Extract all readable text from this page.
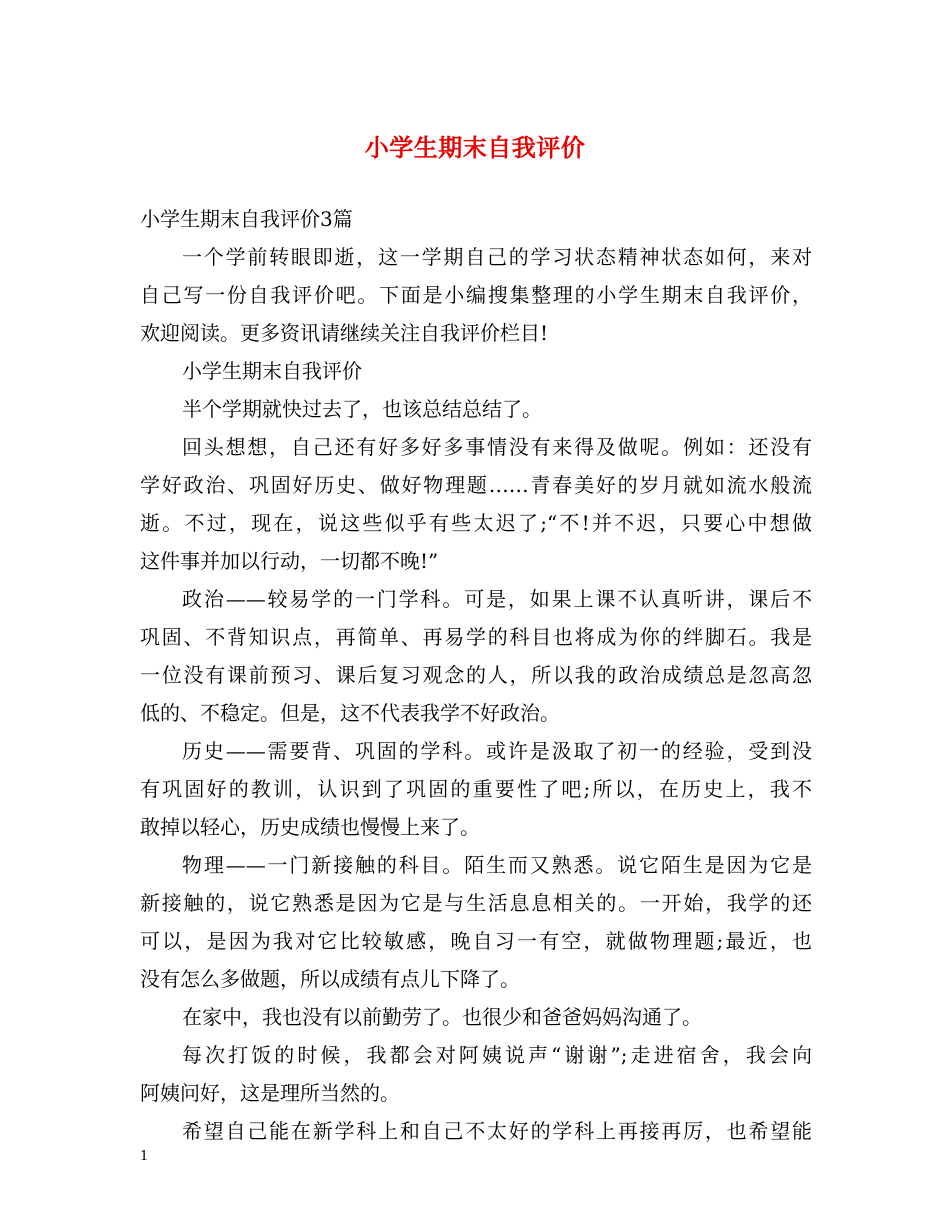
小学生期末自我评价
小学生期末自我评价3篇
一个学前转眼即逝，这一学期自己的学习状态精神状态如何，来对
自己写一份自我评价吧。下面是小编搜集整理的小学生期末自我评价，
欢迎阅读。更多资讯请继续关注自我评价栏目!
小学生期末自我评价
半个学期就快过去了，也该总结总结了。
回头想想，自己还有好多好多事情没有来得及做呢。例如：还没有
学好政治、巩固好历史、做好物理题……青春美好的岁月就如流水般流
逝。不过，现在，说这些似乎有些太迟了;“不!并不迟，只要心中想做
这件事并加以行动，一切都不晚!”
政治——较易学的一门学科。可是，如果上课不认真听讲，课后不
巩固、不背知识点，再简单、再易学的科目也将成为你的绊脚石。我是
一位没有课前预习、课后复习观念的人，所以我的政治成绩总是忽高忽
低的、不稳定。但是，这不代表我学不好政治。
历史——需要背、巩固的学科。或许是汲取了初一的经验，受到没
有巩固好的教训，认识到了巩固的重要性了吧;所以，在历史上，我不
敢掉以轻心，历史成绩也慢慢上来了。
物理——一门新接触的科目。陌生而又熟悉。说它陌生是因为它是
新接触的，说它熟悉是因为它是与生活息息相关的。一开始，我学的还
可以，是因为我对它比较敏感，晚自习一有空，就做物理题;最近，也
没有怎么多做题，所以成绩有点儿下降了。
在家中，我也没有以前勤劳了。也很少和爸爸妈妈沟通了。
每次打饭的时候，我都会对阿姨说声“谢谢”;走进宿舍，我会向
阿姨问好，这是理所当然的。
希望自己能在新学科上和自己不太好的学科上再接再厉，也希望能
1
